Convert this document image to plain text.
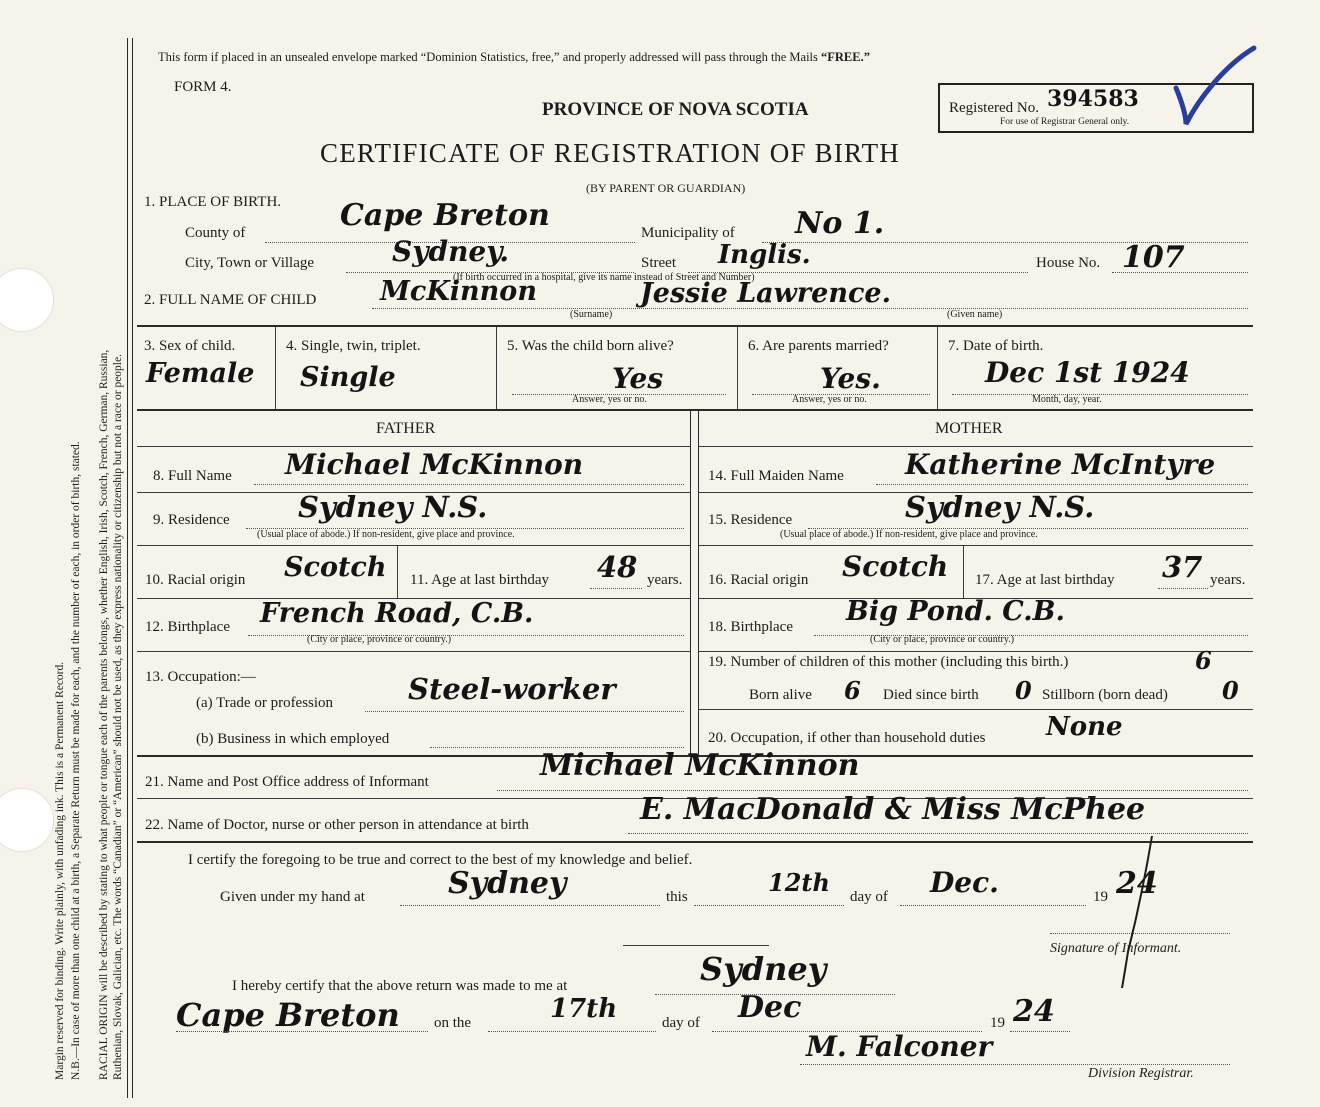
Margin reserved for binding. Write plainly, with unfading ink. This is a Permanent Record. N.B.—In case of more than one child at a birth, a Separate Return must be made for each, and the number of each, in order of birth, stated. RACIAL ORIGIN will be described by stating to what people or tongue each of the parents belongs, whether English, Irish, Scotch, French, German, Russian, Ruthenian, Slovak, Galician, etc. The words “Canadian” or “American” should not be used, as they express nationality or citizenship but not a race or people.
This form if placed in an unsealed envelope marked “Dominion Statistics, free,” and properly addressed will pass through the Mails “FREE.”
FORM 4.
PROVINCE OF NOVA SCOTIA
CERTIFICATE OF REGISTRATION OF BIRTH
(BY PARENT OR GUARDIAN)
Registered No. 394583
For use of Registrar General only.
1. PLACE OF BIRTH.
County of	Cape Breton	Municipality of No 1.
City, Town or Village	Sydney.	Street Inglis.	House No. 107
(If birth occurred in a hospital, give its name instead of Street and Number)
2. FULL NAME OF CHILD McKinnon	Jessie Lawrence.
(Surname)	(Given name)
3. Sex of child.
Female
4. Single, twin, triplet.
Single
5. Was the child born alive?
Yes
Answer, yes or no.
6. Are parents married?
Yes.
Answer, yes or no.
7. Date of birth.
Dec 1st 1924
Month, day, year.
FATHER	MOTHER
8. Full Name Michael McKinnon
9. Residence Sydney N.S.
(Usual place of abode.) If non-resident, give place and province.
10. Racial origin Scotch 11. Age at last birthday 48 years.
12. Birthplace French Road, C.B.
(City or place, province or country.)
13. Occupation:—
(a) Trade or profession	Steel-worker
(b) Business in which employed
14. Full Maiden Name Katherine McIntyre
15. Residence	Sydney N.S.
(Usual place of abode.) If non-resident, give place and province.
16. Racial origin Scotch 17. Age at last birthday 37 years.
18. Birthplace Big Pond. C.B.
(City or place, province or country.)
19. Number of children of this mother (including this birth.)	6
Born alive 6 Died since birth 0 Stillborn (born dead) 0
20. Occupation, if other than household duties None
21. Name and Post Office address of Informant	Michael McKinnon
22. Name of Doctor, nurse or other person in attendance at birth	E. MacDonald & Miss McPhee
I certify the foregoing to be true and correct to the best of my knowledge and belief.
Given under my hand at	Sydney	this	12th day of Dec.	19 24
Signature of Informant.
I hereby certify that the above return was made to me at	Sydney
Cape Breton on the	17th	day of Dec	19 24
M. Falconer
Division Registrar.
